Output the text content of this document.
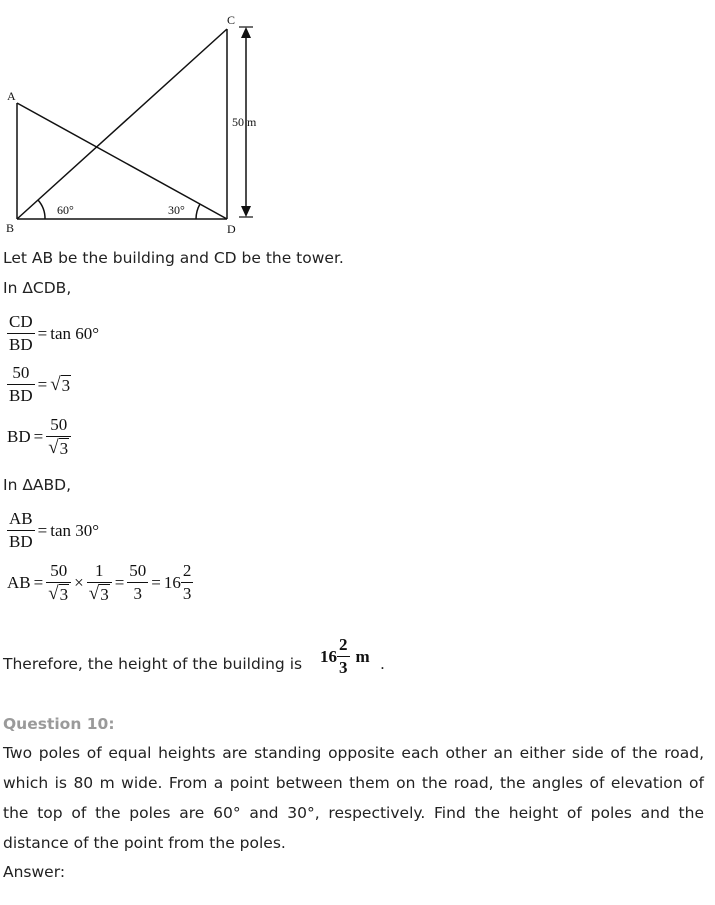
C
A
B	D
50 m
60°	30°
Let AB be the building and CD be the tower.
In ΔCDB,
$\frac{CD}{BD} = \tan 60^\circ$
$\frac{50}{BD}$ = √ 3
BD = $\frac{50}{√ 3}$
In ΔABD,
$\frac{AB}{BD} = \tan 30^\circ$
AB = $\frac{50}{√ 3} \times \frac{1}{√ 3} = \frac{50}{3} = 16 \frac{2}{3}$
Therefore, the height of the building is $16 \frac{2}{3}$ m .
Question 10:
Two poles of equal heights are standing opposite each other an either side of the road, which is 80 m wide. From a point between them on the road, the angles of elevation of the top of the poles are 60° and 30°, respectively. Find the height of poles and the distance of the point from the poles.
Answer:
